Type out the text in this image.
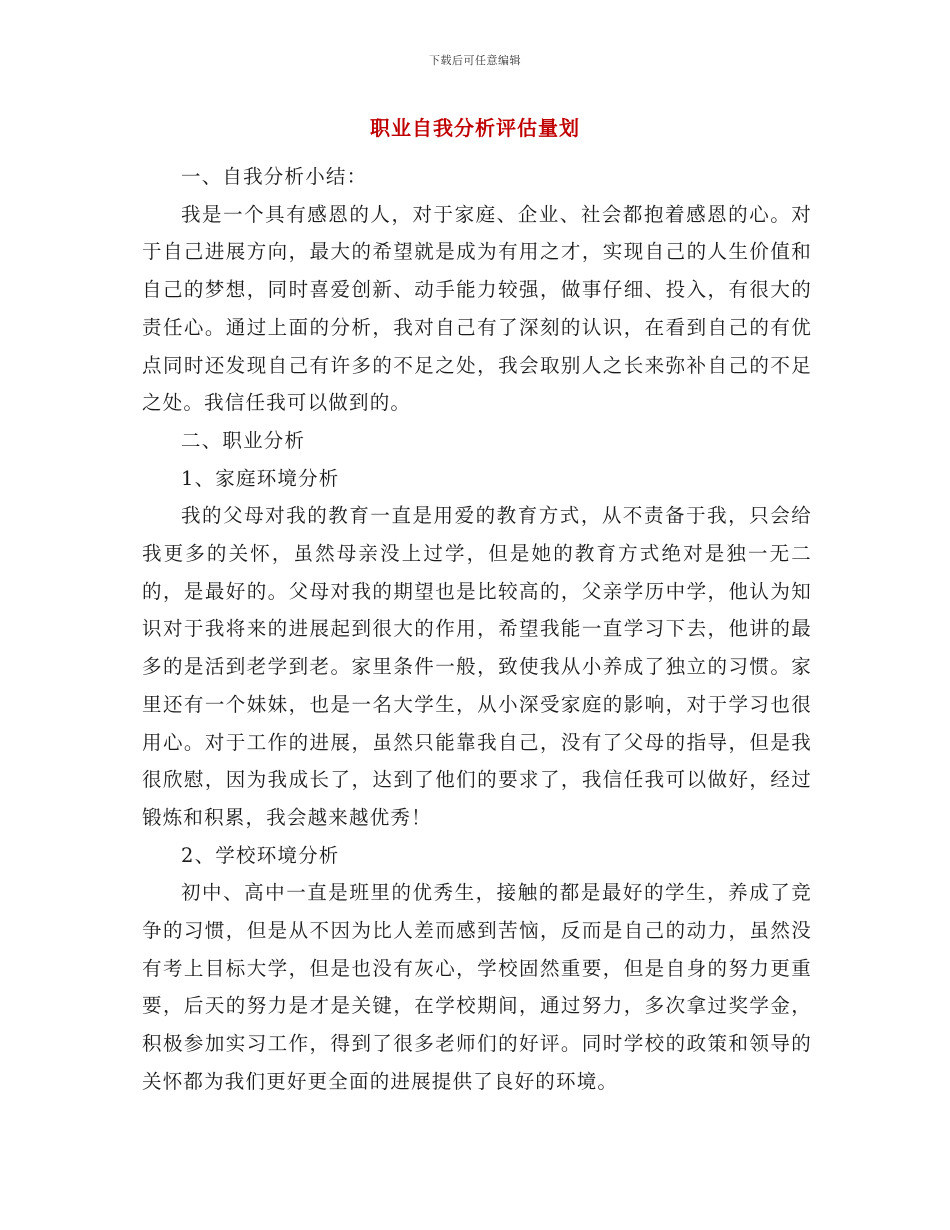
下载后可任意编辑
职业自我分析评估量划

一、自我分析小结：

我是一个具有感恩的人，对于家庭、企业、社会都抱着感恩的心。对于自己进展方向，最大的希望就是成为有用之才，实现自己的人生价值和自己的梦想，同时喜爱创新、动手能力较强，做事仔细、投入，有很大的责任心。通过上面的分析，我对自己有了深刻的认识，在看到自己的有优点同时还发现自己有许多的不足之处，我会取别人之长来弥补自己的不足之处。我信任我可以做到的。

二、职业分析

1、家庭环境分析

我的父母对我的教育一直是用爱的教育方式，从不责备于我，只会给我更多的关怀，虽然母亲没上过学，但是她的教育方式绝对是独一无二的，是最好的。父母对我的期望也是比较高的，父亲学历中学，他认为知识对于我将来的进展起到很大的作用，希望我能一直学习下去，他讲的最多的是活到老学到老。家里条件一般，致使我从小养成了独立的习惯。家里还有一个妹妹，也是一名大学生，从小深受家庭的影响，对于学习也很用心。对于工作的进展，虽然只能靠我自己，没有了父母的指导，但是我很欣慰，因为我成长了，达到了他们的要求了，我信任我可以做好，经过锻炼和积累，我会越来越优秀！

2、学校环境分析

初中、高中一直是班里的优秀生，接触的都是最好的学生，养成了竞争的习惯，但是从不因为比人差而感到苦恼，反而是自己的动力，虽然没有考上目标大学，但是也没有灰心，学校固然重要，但是自身的努力更重要，后天的努力是才是关键，在学校期间，通过努力，多次拿过奖学金，积极参加实习工作，得到了很多老师们的好评。同时学校的政策和领导的关怀都为我们更好更全面的进展提供了良好的环境。
